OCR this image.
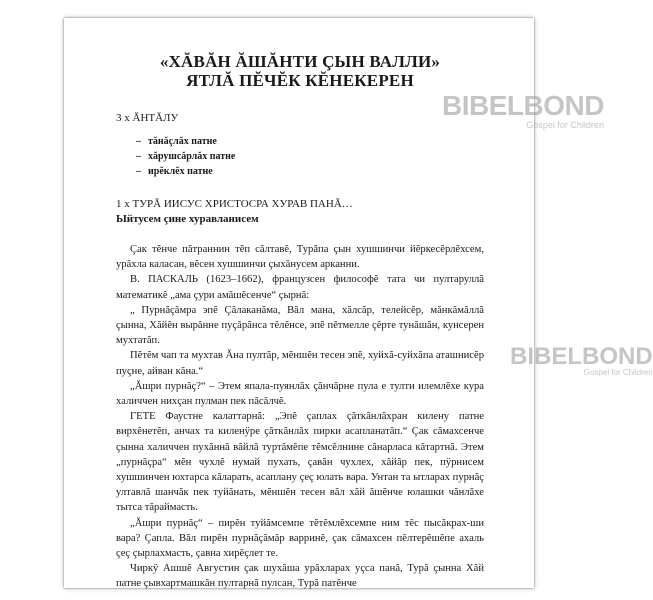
BIBELBOND
Gospel for Children
BIBELBOND
Gospel for Children
«ХĂВĂН ĂШĂНТИ ÇЫН ВАЛЛИ»
ЯТЛĂ ПĔЧĔК КĔНЕКЕРЕН
3 х ĂНТĂЛУ
– тăнăçлăх патне
– хăрушсăрлăх патне
– ирĕклĕх патне
1 х ТУРĂ ИИСУС ХРИСТОСРА ХУРАВ ПАНĂ…
Ыйтусем çине хуравланисем

Çак тĕнче пăтраннин тĕп сăлтавĕ, Турăпа çын хушшинчи йĕркесĕрлĕхсем, урăхла каласан, вĕсен хушшинчи çыхăнусем арканни.

В. ПАСКАЛЬ (1623–1662), французсен философĕ тата чи пултаруллă математикĕ „ама çури амăшĕсенче“ çырнă:

„ Пурнăçăмра эпĕ Çăлаканăма, Вăл мана, хăлсăр, телейсĕр, мăнкăмăллă çынна, Хăйĕн вырăнне пуçăрăнса тĕлĕнсе, эпĕ пĕтмелле çĕрте тунăшăн, кунсерен мухтатăп.

Пĕтĕм чап та мухтав Ăна пултăр, мĕншĕн тесен эпĕ, хуйхă-суйхăпа аташнисĕр пуçне, айван кăна.“

„Ăшри пурнăç?“ – Этем япала-пуянлăх çăнчăрне пула е тулти илемлĕхе кура халиччен нихçан пулман пек пăсăлчĕ.

ГЕТЕ Фаустне калаттарнă: „Эпĕ çаплах çăткăнлăхран килену патне вирхĕнетĕп, анчах та киленÿре çăткăнлăх пирки асапланатăп.“ Çак сăмахсенче çынна халиччен пухăннă вăйлă туртăмĕпе тĕмсĕлнине сăнарласа кăтартнă. Этем „пурнăçра“ мĕн чухлĕ нумай пухать, çавăн чухлех, хăйăр пек, пÿрнисем хушшинчен юхтарса кăларать, асаплану çеç юлать вара. Унтан та ытларах пурнăç ултавлă шанчăк пек туйăнать, мĕншĕн тесен вăл хăй ăшĕнче юлашки чăнлăхе тытса тăраймасть.

„Ăшри пурнăç“ – пирĕн туйăмсемпе тĕтĕмлĕхсемпе ним тĕс пысăкрах-ши вара? Çапла. Вăл пирĕн пурнăçăмăр варринĕ, çак сăмахсен пĕлтерĕшĕпе ахаль çеç çырлахмасть, çавна хирĕçлет те.

Чиркÿ Ашшĕ Августин çак шухăша урăхларах уçса панă, Турă çынна Хăй патне çывхартмашкăн пултарнă пулсан, Турă патĕнче
